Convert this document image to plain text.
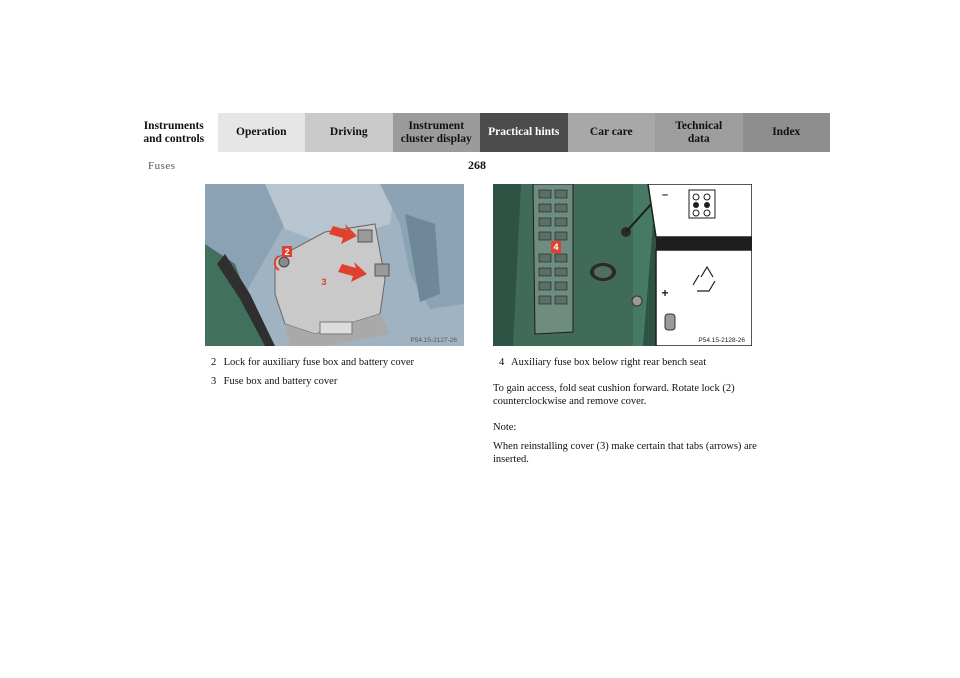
Instruments
and controls
Operation	Driving
Instrument
cluster display
Practical hints	Car care
Technical
data
Index
Fuses	268
2
3
P54.15-2127-26
4
–
+
P54.15-2128-26
2 Lock for auxiliary fuse box and battery cover
3 Fuse box and battery cover
4 Auxiliary fuse box below right rear bench seat
To gain access, fold seat cushion forward. Rotate lock (2) counterclockwise and remove cover.
Note:
When reinstalling cover (3) make certain that tabs (arrows) are inserted.
